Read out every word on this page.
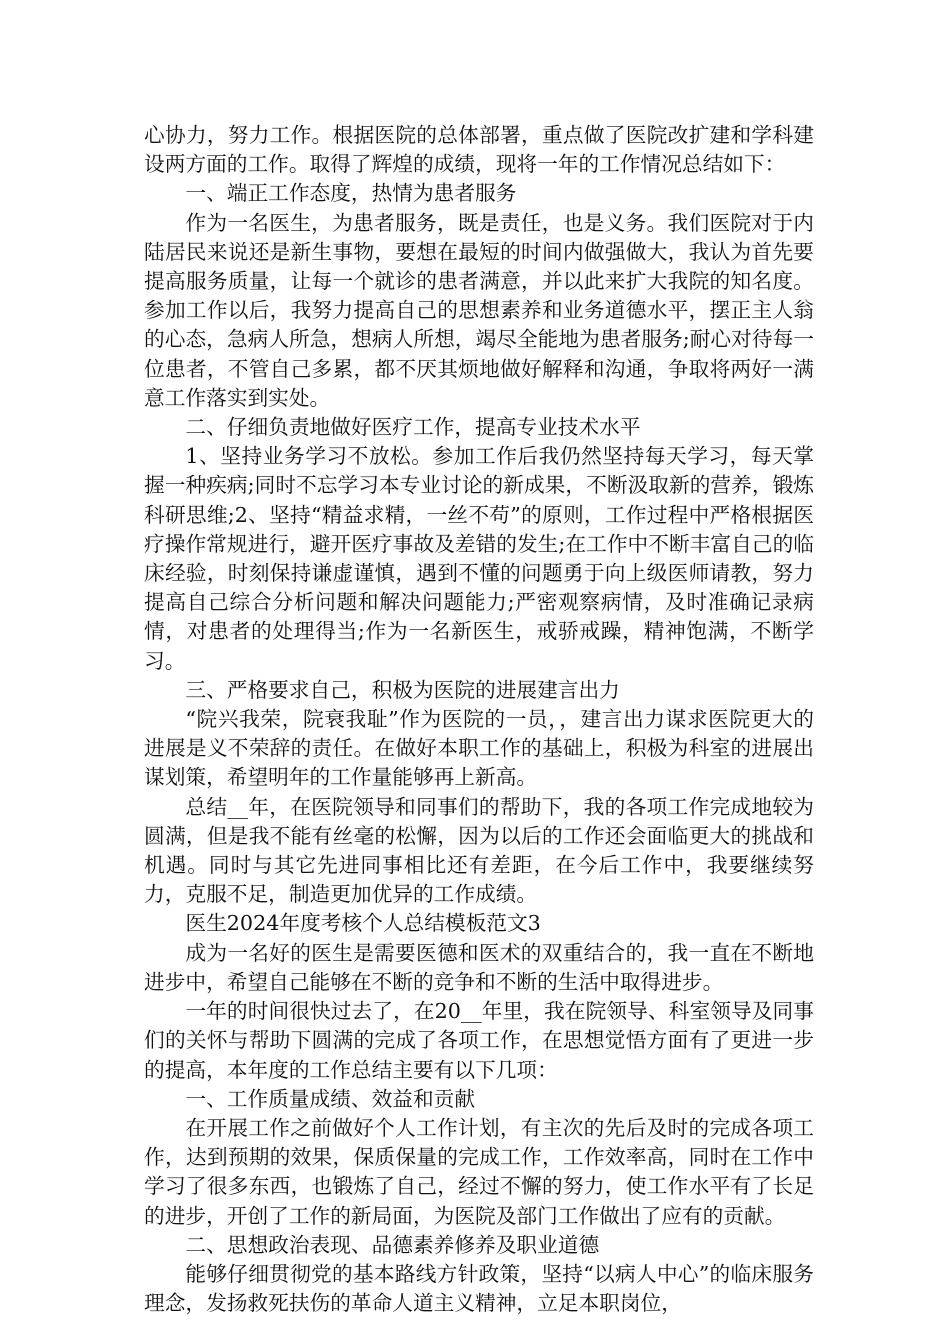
心协力，努力工作。根据医院的总体部署，重点做了医院改扩建和学科建设两方面的工作。取得了辉煌的成绩，现将一年的工作情况总结如下：

一、端正工作态度，热情为患者服务

作为一名医生，为患者服务，既是责任，也是义务。我们医院对于内陆居民来说还是新生事物，要想在最短的时间内做强做大，我认为首先要提高服务质量，让每一个就诊的患者满意，并以此来扩大我院的知名度。参加工作以后，我努力提高自己的思想素养和业务道德水平，摆正主人翁的心态，急病人所急，想病人所想，竭尽全能地为患者服务;耐心对待每一位患者，不管自己多累，都不厌其烦地做好解释和沟通，争取将两好一满意工作落实到实处。

二、仔细负责地做好医疗工作，提高专业技术水平

1、坚持业务学习不放松。参加工作后我仍然坚持每天学习，每天掌握一种疾病;同时不忘学习本专业讨论的新成果，不断汲取新的营养，锻炼科研思维;2、坚持“精益求精，一丝不苟”的原则，工作过程中严格根据医疗操作常规进行，避开医疗事故及差错的发生;在工作中不断丰富自己的临床经验，时刻保持谦虚谨慎，遇到不懂的问题勇于向上级医师请教，努力提高自己综合分析问题和解决问题能力;严密观察病情，及时准确记录病情，对患者的处理得当;作为一名新医生，戒骄戒躁，精神饱满，不断学习。

三、严格要求自己，积极为医院的进展建言出力

“院兴我荣，院衰我耻”作为医院的一员，，建言出力谋求医院更大的进展是义不荣辞的责任。在做好本职工作的基础上，积极为科室的进展出谋划策，希望明年的工作量能够再上新高。

总结__年，在医院领导和同事们的帮助下，我的各项工作完成地较为圆满，但是我不能有丝毫的松懈，因为以后的工作还会面临更大的挑战和机遇。同时与其它先进同事相比还有差距，在今后工作中，我要继续努力，克服不足，制造更加优异的工作成绩。

医生2024年度考核个人总结模板范文3

成为一名好的医生是需要医德和医术的双重结合的，我一直在不断地进步中，希望自己能够在不断的竞争和不断的生活中取得进步。

一年的时间很快过去了，在20__年里，我在院领导、科室领导及同事们的关怀与帮助下圆满的完成了各项工作，在思想觉悟方面有了更进一步的提高，本年度的工作总结主要有以下几项：

一、工作质量成绩、效益和贡献

在开展工作之前做好个人工作计划，有主次的先后及时的完成各项工作，达到预期的效果，保质保量的完成工作，工作效率高，同时在工作中学习了很多东西，也锻炼了自己，经过不懈的努力，使工作水平有了长足的进步，开创了工作的新局面，为医院及部门工作做出了应有的贡献。

二、思想政治表现、品德素养修养及职业道德

能够仔细贯彻党的基本路线方针政策，坚持“以病人中心”的临床服务理念，发扬救死扶伤的革命人道主义精神，立足本职岗位，
